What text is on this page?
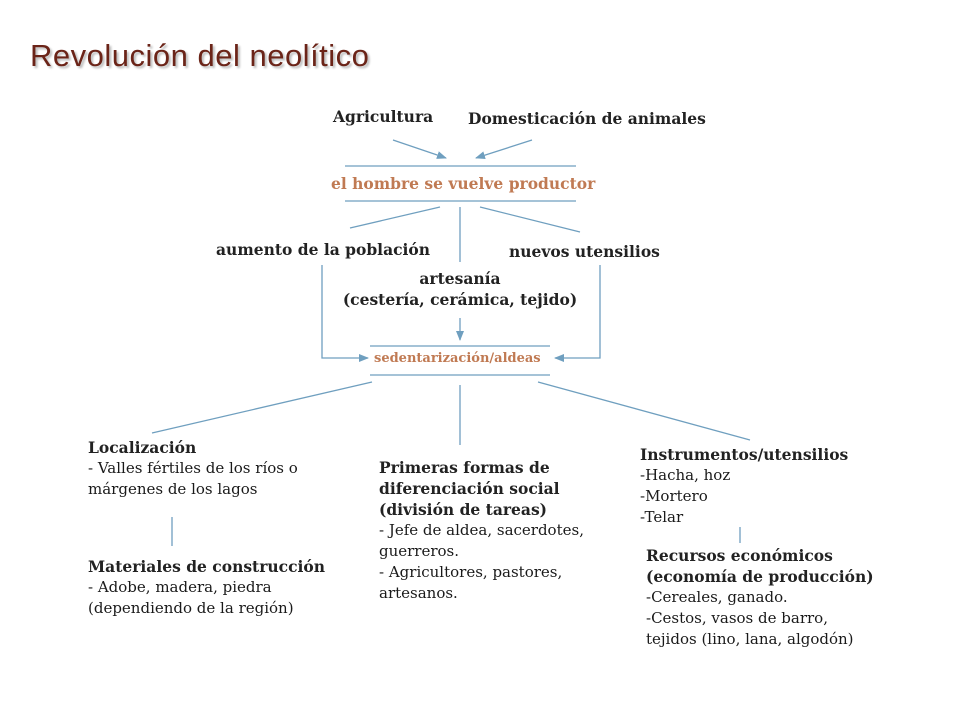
Revolución del neolítico
Agricultura Domesticación de animales
el hombre se vuelve productor
aumento de la población	nuevos utensilios
artesanía
(cestería, cerámica, tejido)
sedentarización/aldeas
Localización
- Valles fértiles de los ríos o
márgenes de los lagos
Materiales de construcción
- Adobe, madera, piedra
(dependiendo de la región)
Primeras formas de
diferenciación social
(división de tareas)
- Jefe de aldea, sacerdotes,
guerreros.
- Agricultores, pastores,
artesanos.
Instrumentos/utensilios
-Hacha, hoz
-Mortero
-Telar
Recursos económicos
(economía de producción)
-Cereales, ganado.
-Cestos, vasos de barro,
tejidos (lino, lana, algodón)
